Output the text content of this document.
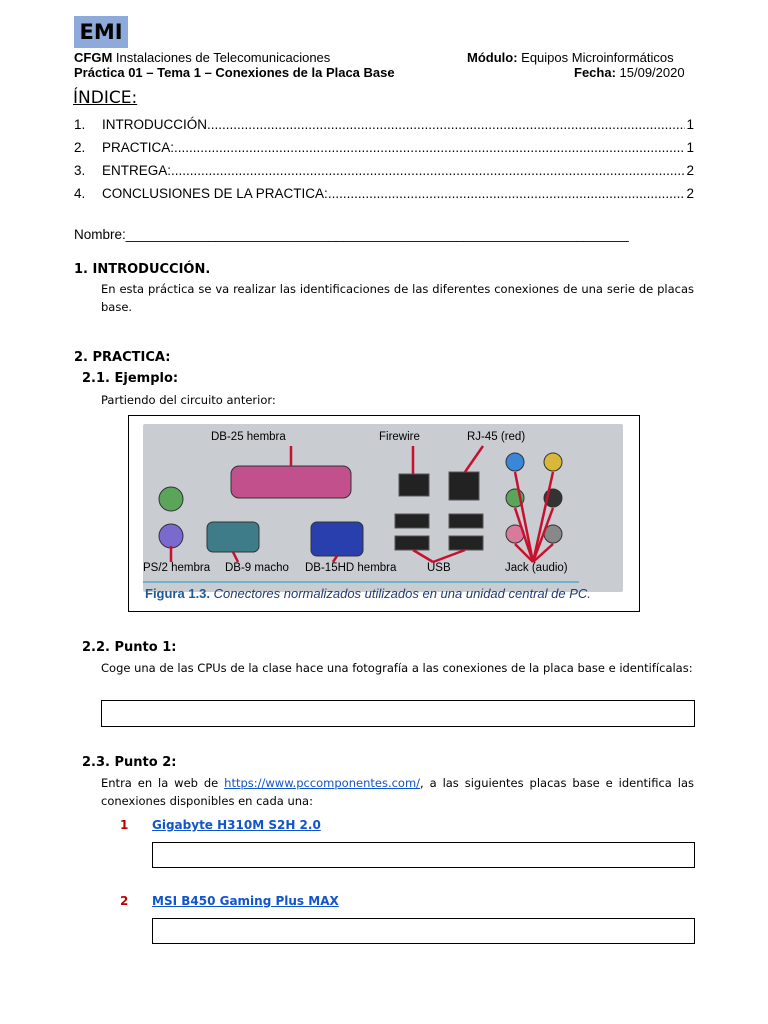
EMI
CFGM Instalaciones de Telecomunicaciones	Módulo: Equipos Microinformáticos
Práctica 01 – Tema 1 – Conexiones de la Placa Base	Fecha: 15/09/2020
ÍNDICE:
1.	INTRODUCCIÓN .....	1
2.	PRACTICA: .....	1
3.	ENTREGA: .....	2
4.	CONCLUSIONES DE LA PRACTICA: .....	2
Nombre:___________________________________________________________________
1. INTRODUCCIÓN.
En esta práctica se va realizar las identificaciones de las diferentes conexiones de una serie de placas base.
2. PRACTICA:
2.1. Ejemplo:
Partiendo del circuito anterior:
DB-25 hembra	Firewire	RJ-45 (red)
PS/2 hembra DB-9 macho DB-15HD hembra	USB	Jack (audio)
Figura 1.3. Conectores normalizados utilizados en una unidad central de PC.
2.2. Punto 1:
Coge una de las CPUs de la clase hace una fotografía a las conexiones de la placa base e identifícalas:
2.3. Punto 2:
Entra en la web de https://www.pccomponentes.com/, a las siguientes placas base e identifica las conexiones disponibles en cada una:
1 Gigabyte H310M S2H 2.0
2 MSI B450 Gaming Plus MAX
